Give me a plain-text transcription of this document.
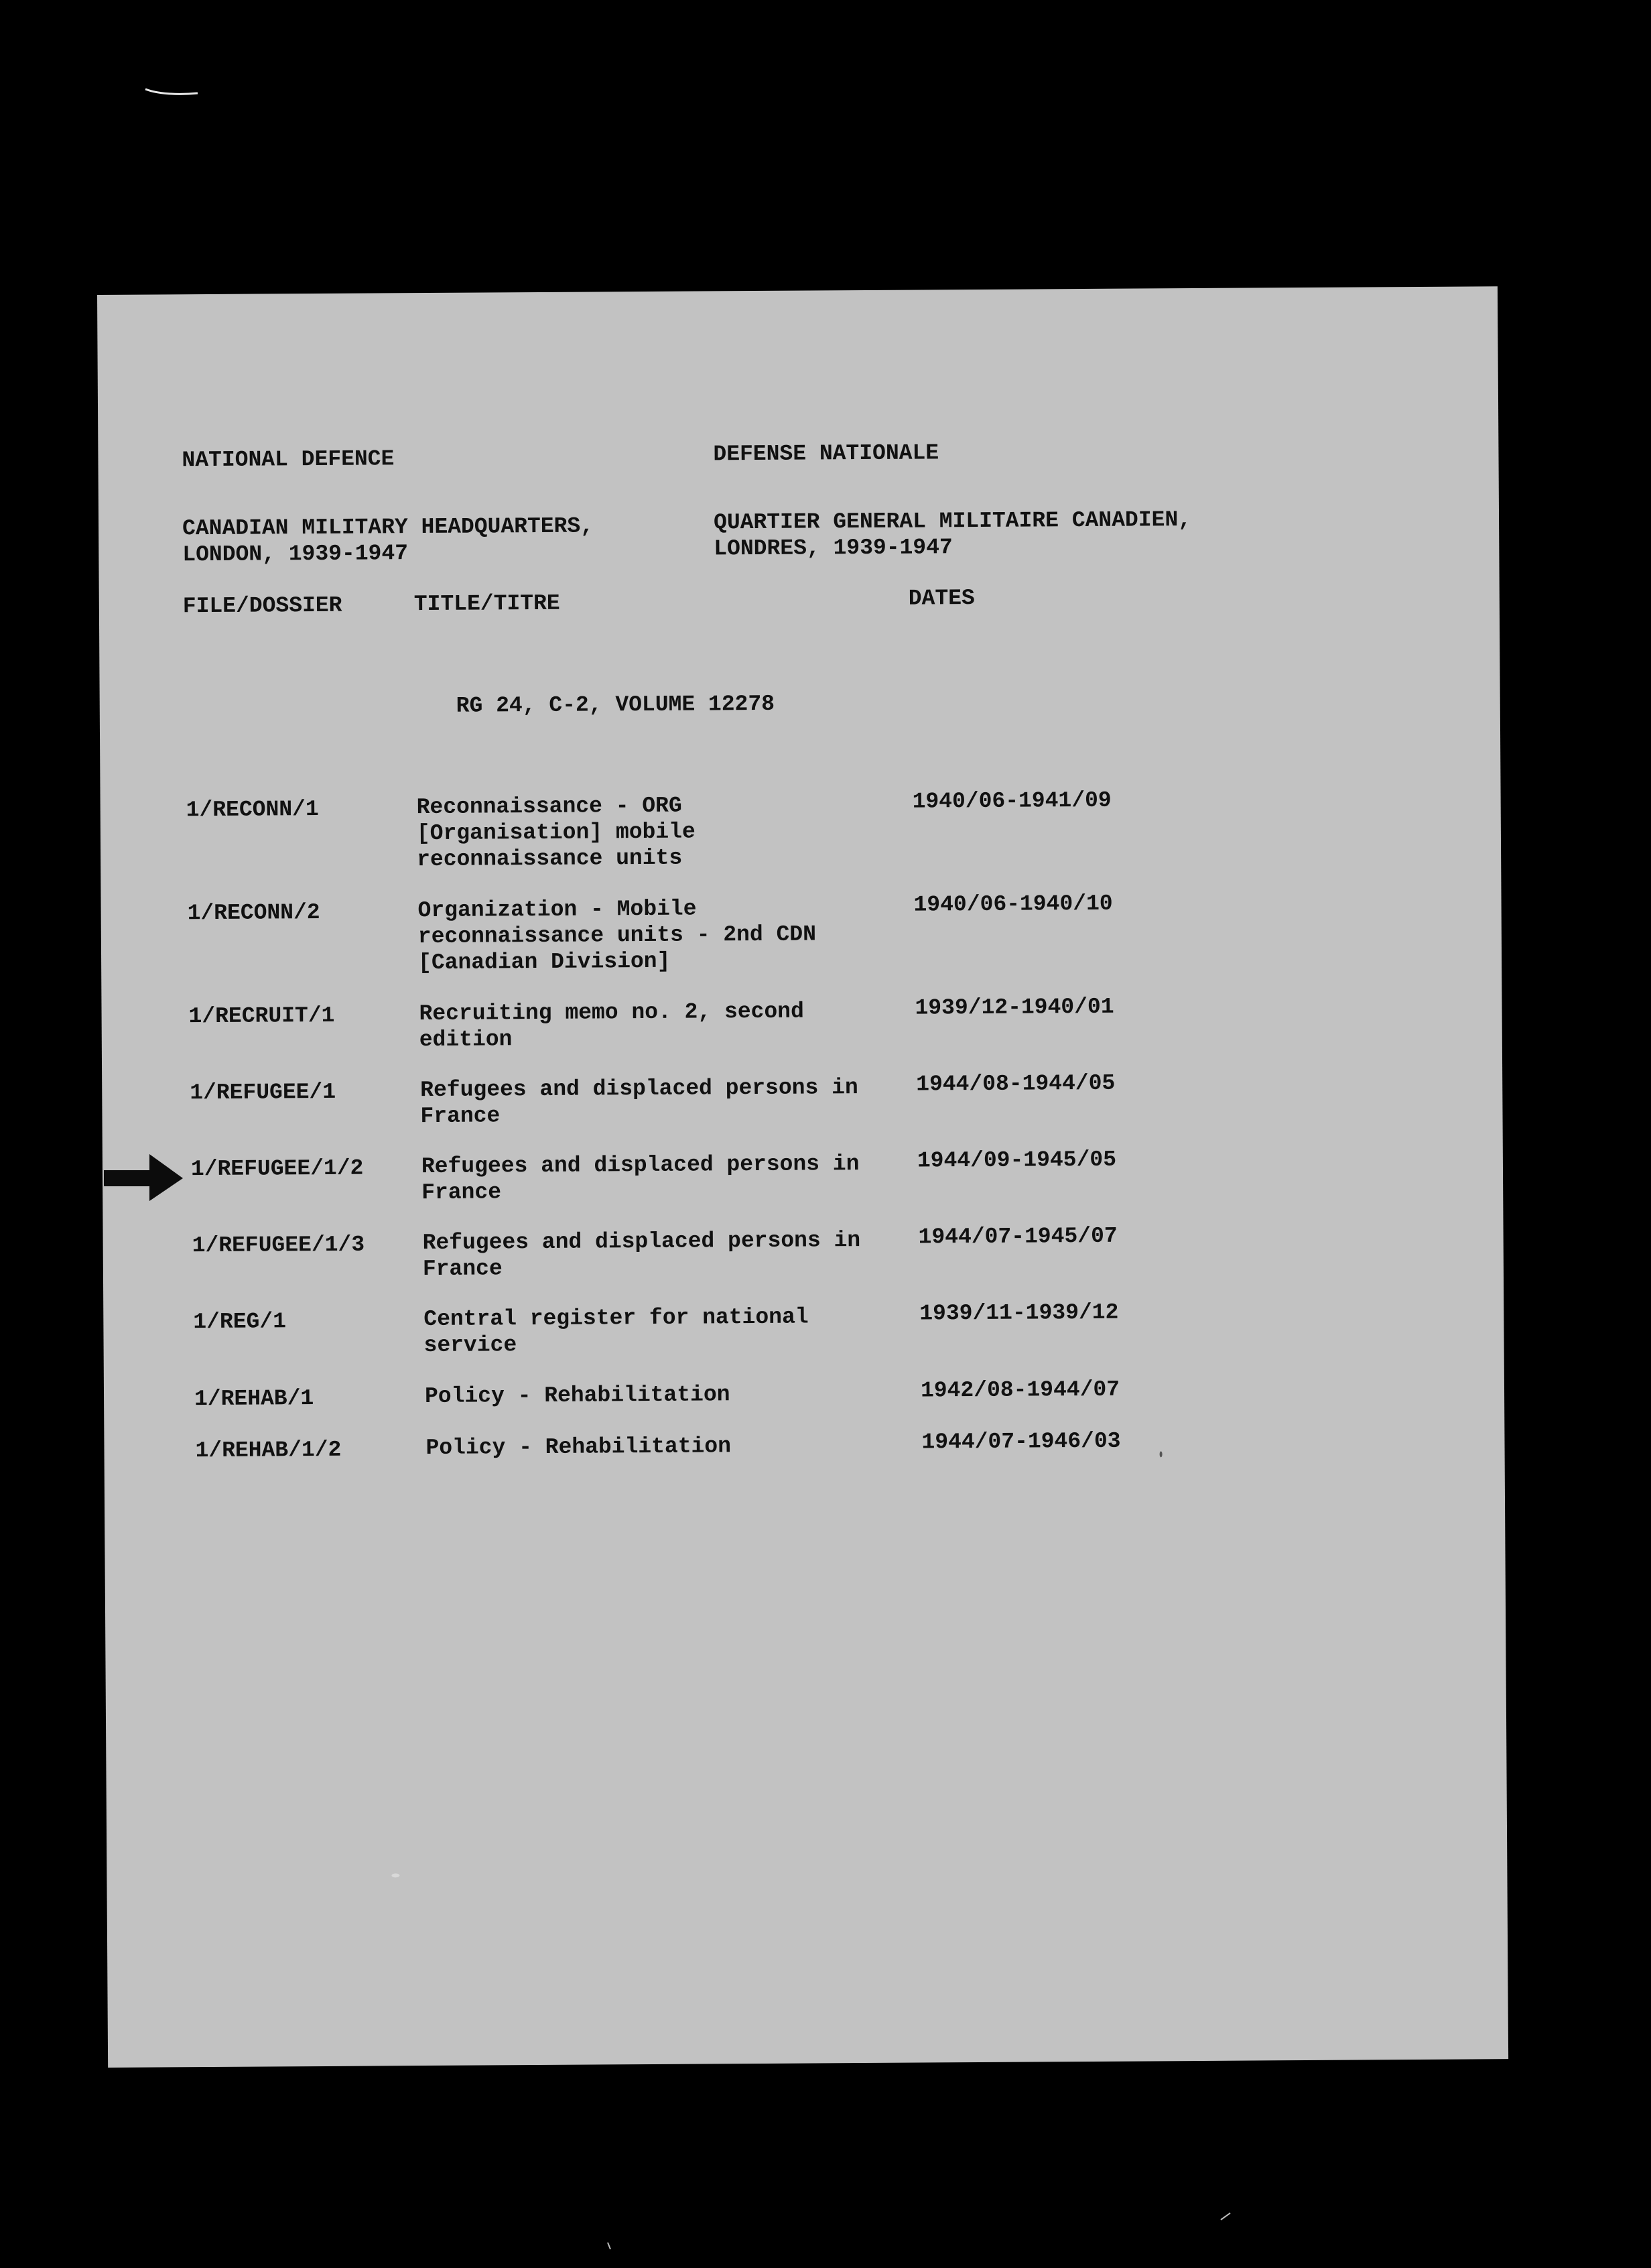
NATIONAL DEFENCE	DEFENSE NATIONALE
CANADIAN MILITARY HEADQUARTERS,
LONDON, 1939-1947
QUARTIER GENERAL MILITAIRE CANADIEN,
LONDRES, 1939-1947
FILE/DOSSIER	TITLE/TITRE	DATES
RG 24, C-2, VOLUME 12278
1/RECONN/1	Reconnaissance - ORG
[Organisation] mobile
reconnaissance units
1940/06-1941/09
1/RECONN/2	Organization - Mobile
reconnaissance units - 2nd CDN
[Canadian Division]
1940/06-1940/10
1/RECRUIT/1	Recruiting memo no. 2, second
edition
1939/12-1940/01
1/REFUGEE/1	Refugees and displaced persons in
France
1944/08-1944/05
1/REFUGEE/1/2	Refugees and displaced persons in
France
1944/09-1945/05
1/REFUGEE/1/3	Refugees and displaced persons in
France
1944/07-1945/07
1/REG/1	Central register for national
service
1939/11-1939/12
1/REHAB/1	Policy - Rehabilitation	1942/08-1944/07
1/REHAB/1/2	Policy - Rehabilitation	1944/07-1946/03
